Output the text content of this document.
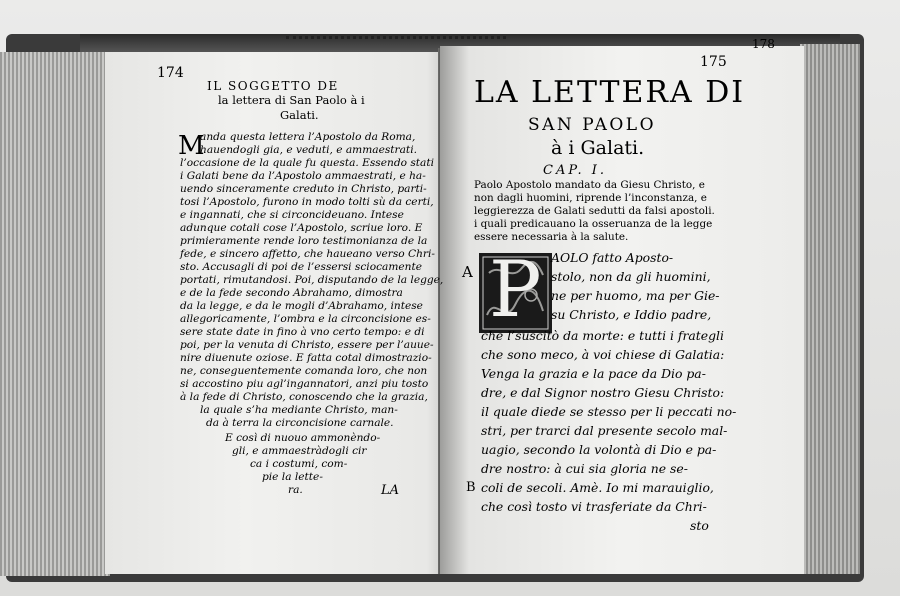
174
IL SOGGETTO DE
la lettera di San Paolo à i
Galati.
M
anda questa lettera l’Apostolo da Roma,
hauendogli gia, e veduti, e ammaestrati.
l’occasione de la quale fu questa. Essendo stati
i Galati bene da l’Apostolo ammaestrati, e ha-
uendo sinceramente creduto in Christo, parti-
tosi l’Apostolo, furono in modo tolti sù da certi,
e ingannati, che si circoncideuano. Intese
adunque cotali cose l’Apostolo, scriue loro. E
primieramente rende loro testimonianza de la
fede, e sincero affetto, che haueano verso Chri-
sto. Accusagli di poi de l’essersi sciocamente
portati, rimutandosi. Poi, disputando de la legge,
e de la fede secondo Abrahamo, dimostra
da la legge, e da le mogli d’Abrahamo, intese
allegoricamente, l’ombra e la circoncisione es-
sere state date in fino à vno certo tempo: e di
poi, per la venuta di Christo, essere per l’auue-
nire diuenute oziose. E fatta cotal dimostrazio-
ne, conseguentemente comanda loro, che non
si accostino piu agl’ingannatori, anzi piu tosto
à la fede di Christo, conoscendo che la grazia,
la quale s’ha mediante Christo, man-
da à terra la circoncisione carnale.
E così di nuouo ammonèndo-
gli, e ammaestràdogli cir
ca i costumi, com-
pie la lette-
ra.	LA
175
178
LA LETTERA DI
SAN PAOLO
à i Galati.
CAP. I.
Paolo Apostolo mandato da Giesu Christo, e
non dagli huomini, riprende l’inconstanza, e
leggierezza de Galati sedutti da falsi apostoli.
i quali predicauano la osseruanza de la legge
essere necessaria à la salute.
A P AOLO fatto Aposto-
stolo, non da gli huomini,
ne per huomo, ma per Gie-
su Christo, e Iddio padre,
che l’suscitò da morte: e tutti i frategli
che sono meco, à voi chiese di Galatia:
Venga la grazia e la pace da Dio pa-
dre, e dal Signor nostro Giesu Christo:
il quale diede se stesso per li peccati no-
stri, per trarci dal presente secolo mal-
uagio, secondo la volontà di Dio e pa-
dre nostro: à cui sia gloria ne se-
B coli de secoli. Amè. Io mi marauiglio,
che così tosto vi trasferiate da Chri-
sto
